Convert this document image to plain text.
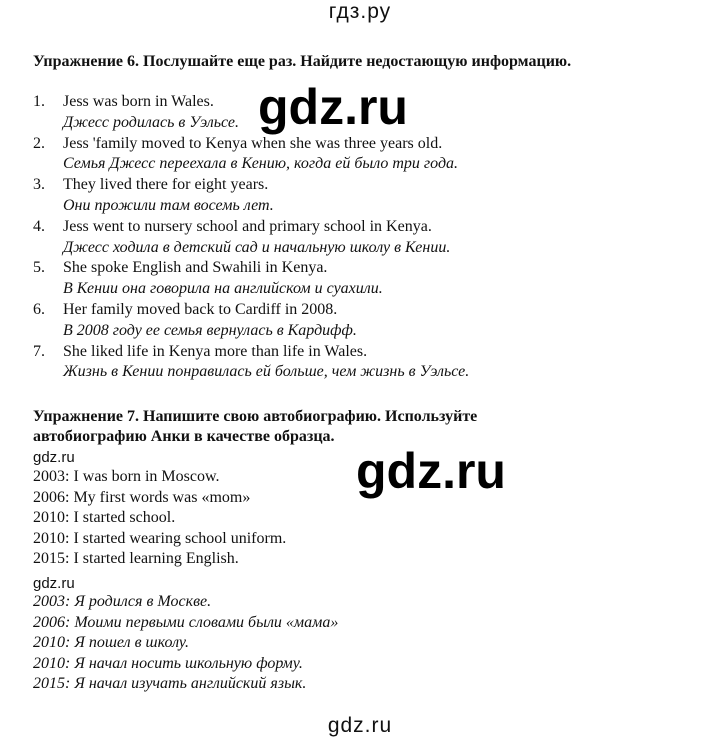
гдз.ру
Упражнение 6. Послушайте еще раз. Найдите недостающую информацию.
1.	Jess was born in Wales.
Джесс родилась в Уэльсе.
2.	Jess 'family moved to Kenya when she was three years old.
Семья Джесс переехала в Кению, когда ей было три года.
3.	They lived there for eight years.
Они прожили там восемь лет.
4.	Jess went to nursery school and primary school in Kenya.
Джесс ходила в детский сад и начальную школу в Кении.
5.	She spoke English and Swahili in Kenya.
В Кении она говорила на английском и суахили.
6.	Her family moved back to Cardiff in 2008.
В 2008 году ее семья вернулась в Кардифф.
7.	She liked life in Kenya more than life in Wales.
Жизнь в Кении понравилась ей больше, чем жизнь в Уэльсе.
gdz.ru
Упражнение 7. Напишите свою автобиографию. Используйте
автобиографию Анки в качестве образца.
gdz.ru	gdz.ru
2003: I was born in Moscow.
2006: My first words was «mom»
2010: I started school.
2010: I started wearing school uniform.
2015: I started learning English.
gdz.ru
2003: Я родился в Москве.
2006: Моими первыми словами были «мама»
2010: Я пошел в школу.
2010: Я начал носить школьную форму.
2015: Я начал изучать английский язык.
gdz.ru
